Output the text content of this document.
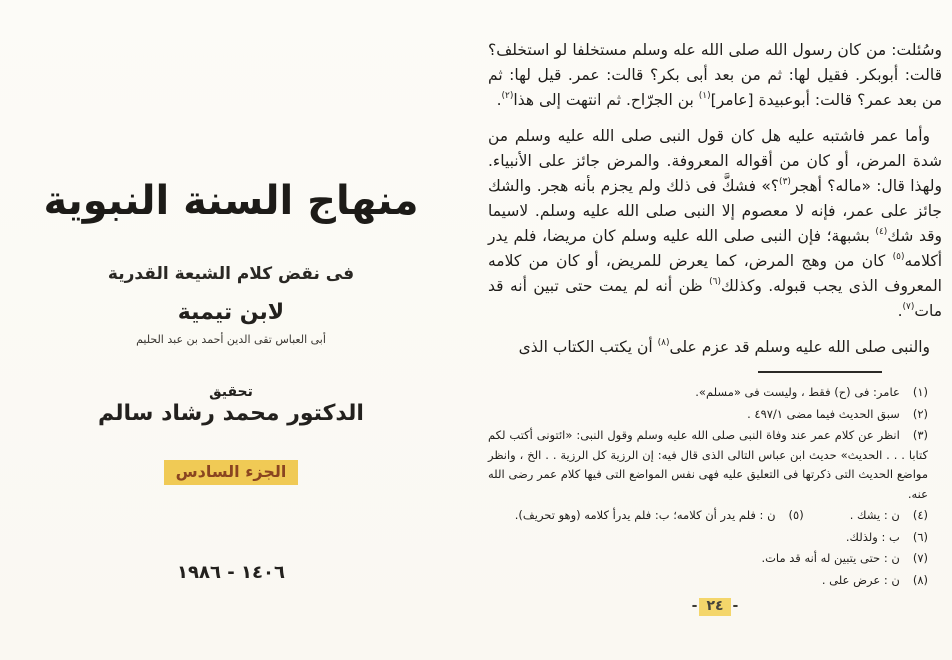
منهاج السنة النبوية
فى نقض كلام الشيعة القدرية
لابن تيمية
أبى العباس تقى الدين أحمد بن عبد الحليم
تحقيق
الدكتور محمد رشاد سالم
الجزء السادس
١٤٠٦ - ١٩٨٦

وسُئلت: من كان رسول الله صلى الله عله وسلم مستخلفا لو استخلف؟ قالت: أبوبكر. فقيل لها: ثم من بعد أبى بكر؟ قالت: عمر. قيل لها: ثم من بعد عمر؟ قالت: أبوعبيدة [عامر]$^{(١)}$ بن الجرّاح. ثم انتهت إلى هذا$^{(٢)}$.

وأما عمر فاشتبه عليه هل كان قول النبى صلى الله عليه وسلم من شدة المرض، أو كان من أقواله المعروفة. والمرض جائز على الأنبياء. ولهذا قال: «ماله؟ أهجر$^{(٣)}$؟» فشكَّ فى ذلك ولم يجزم بأنه هجر. والشك جائز على عمر، فإنه لا معصوم إلا النبى صلى الله عليه وسلم. لاسيما وقد شك$^{(٤)}$ بشبهة؛ فإن النبى صلى الله عليه وسلم كان مريضا، فلم يدر أكلامه$^{(٥)}$ كان من وهج المرض، كما يعرض للمريض، أو كان من كلامه المعروف الذى يجب قبوله. وكذلك$^{(٦)}$ ظن أنه لم يمت حتى تبين أنه قد مات$^{(٧)}$.

والنبى صلى الله عليه وسلم قد عزم على$^{(٨)}$ أن يكتب الكتاب الذى

(١)عامر: فى (ح) فقط ، وليست فى «مسلم».
(٢)سبق الحديث فيما مضى ٤٩٧/١ .
(٣)انظر عن كلام عمر عند وفاة النبى صلى الله عليه وسلم وقول النبى: «ائتونى أكتب لكم كتابا . . . الحديث» حديث ابن عباس التالى الذى قال فيه: إن الرزية كل الرزية . . الخ ، وانظر مواضع الحديث التى ذكرتها فى التعليق عليه فهى نفس المواضع التى فيها كلام عمر رضى الله عنه.
(٤)ن : يشك .
(٥)ن : فلم يدر أن كلامه؛ ب: فلم يدرأ كلامه (وهو تحريف).
(٦)ب : ولذلك.
(٧)ن : حتى يتبين له أنه قد مات.
(٨)ن : عرض على .
-٢٤-
